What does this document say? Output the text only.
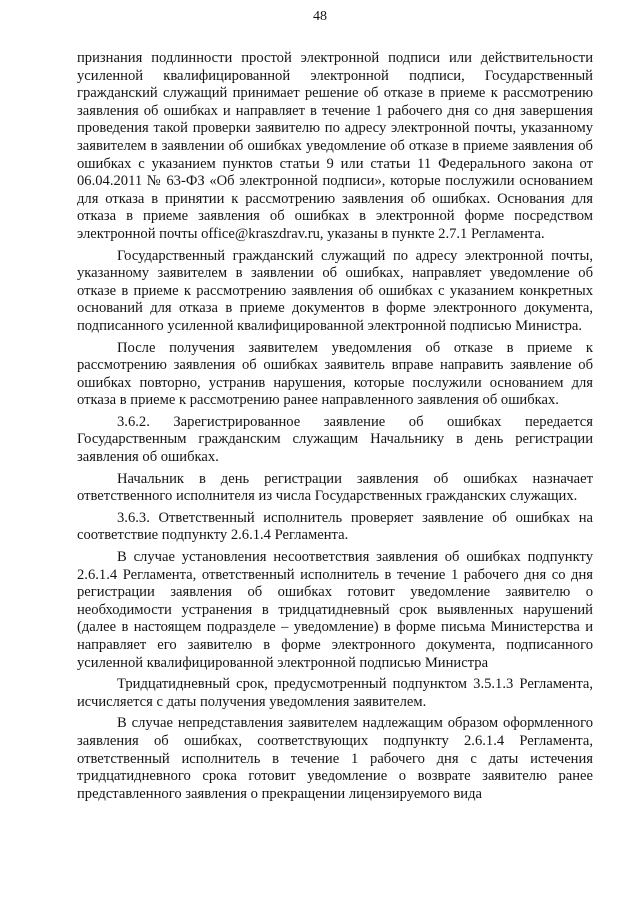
48

признания подлинности простой электронной подписи или действительности усиленной квалифицированной электронной подписи, Государственный гражданский служащий принимает решение об отказе в приеме к рассмотрению заявления об ошибках и направляет в течение 1 рабочего дня со дня завершения проведения такой проверки заявителю по адресу электронной почты, указанному заявителем в заявлении об ошибках уведомление об отказе в приеме заявления об ошибках с указанием пунктов статьи 9 или статьи 11 Федерального закона от 06.04.2011 № 63-ФЗ «Об электронной подписи», которые послужили основанием для отказа в принятии к рассмотрению заявления об ошибках. Основания для отказа в приеме заявления об ошибках в электронной форме посредством электронной почты office@kraszdrav.ru, указаны в пункте 2.7.1 Регламента.

Государственный гражданский служащий по адресу электронной почты, указанному заявителем в заявлении об ошибках, направляет уведомление об отказе в приеме к рассмотрению заявления об ошибках с указанием конкретных оснований для отказа в приеме документов в форме электронного документа, подписанного усиленной квалифицированной электронной подписью Министра.

После получения заявителем уведомления об отказе в приеме к рассмотрению заявления об ошибках заявитель вправе направить заявление об ошибках повторно, устранив нарушения, которые послужили основанием для отказа в приеме к рассмотрению ранее направленного заявления об ошибках.

3.6.2. Зарегистрированное заявление об ошибках передается Государственным гражданским служащим Начальнику в день регистрации заявления об ошибках.

Начальник в день регистрации заявления об ошибках назначает ответственного исполнителя из числа Государственных гражданских служащих.

3.6.3. Ответственный исполнитель проверяет заявление об ошибках на соответствие подпункту 2.6.1.4 Регламента.

В случае установления несоответствия заявления об ошибках подпункту 2.6.1.4 Регламента, ответственный исполнитель в течение 1 рабочего дня со дня регистрации заявления об ошибках готовит уведомление заявителю о необходимости устранения в тридцатидневный срок выявленных нарушений (далее в настоящем подразделе – уведомление) в форме письма Министерства и направляет его заявителю в форме электронного документа, подписанного усиленной квалифицированной электронной подписью Министра

Тридцатидневный срок, предусмотренный подпунктом 3.5.1.3 Регламента, исчисляется с даты получения уведомления заявителем.

В случае непредставления заявителем надлежащим образом оформленного заявления об ошибках, соответствующих подпункту 2.6.1.4 Регламента, ответственный исполнитель в течение 1 рабочего дня с даты истечения тридцатидневного срока готовит уведомление о возврате заявителю ранее представленного заявления о прекращении лицензируемого вида
